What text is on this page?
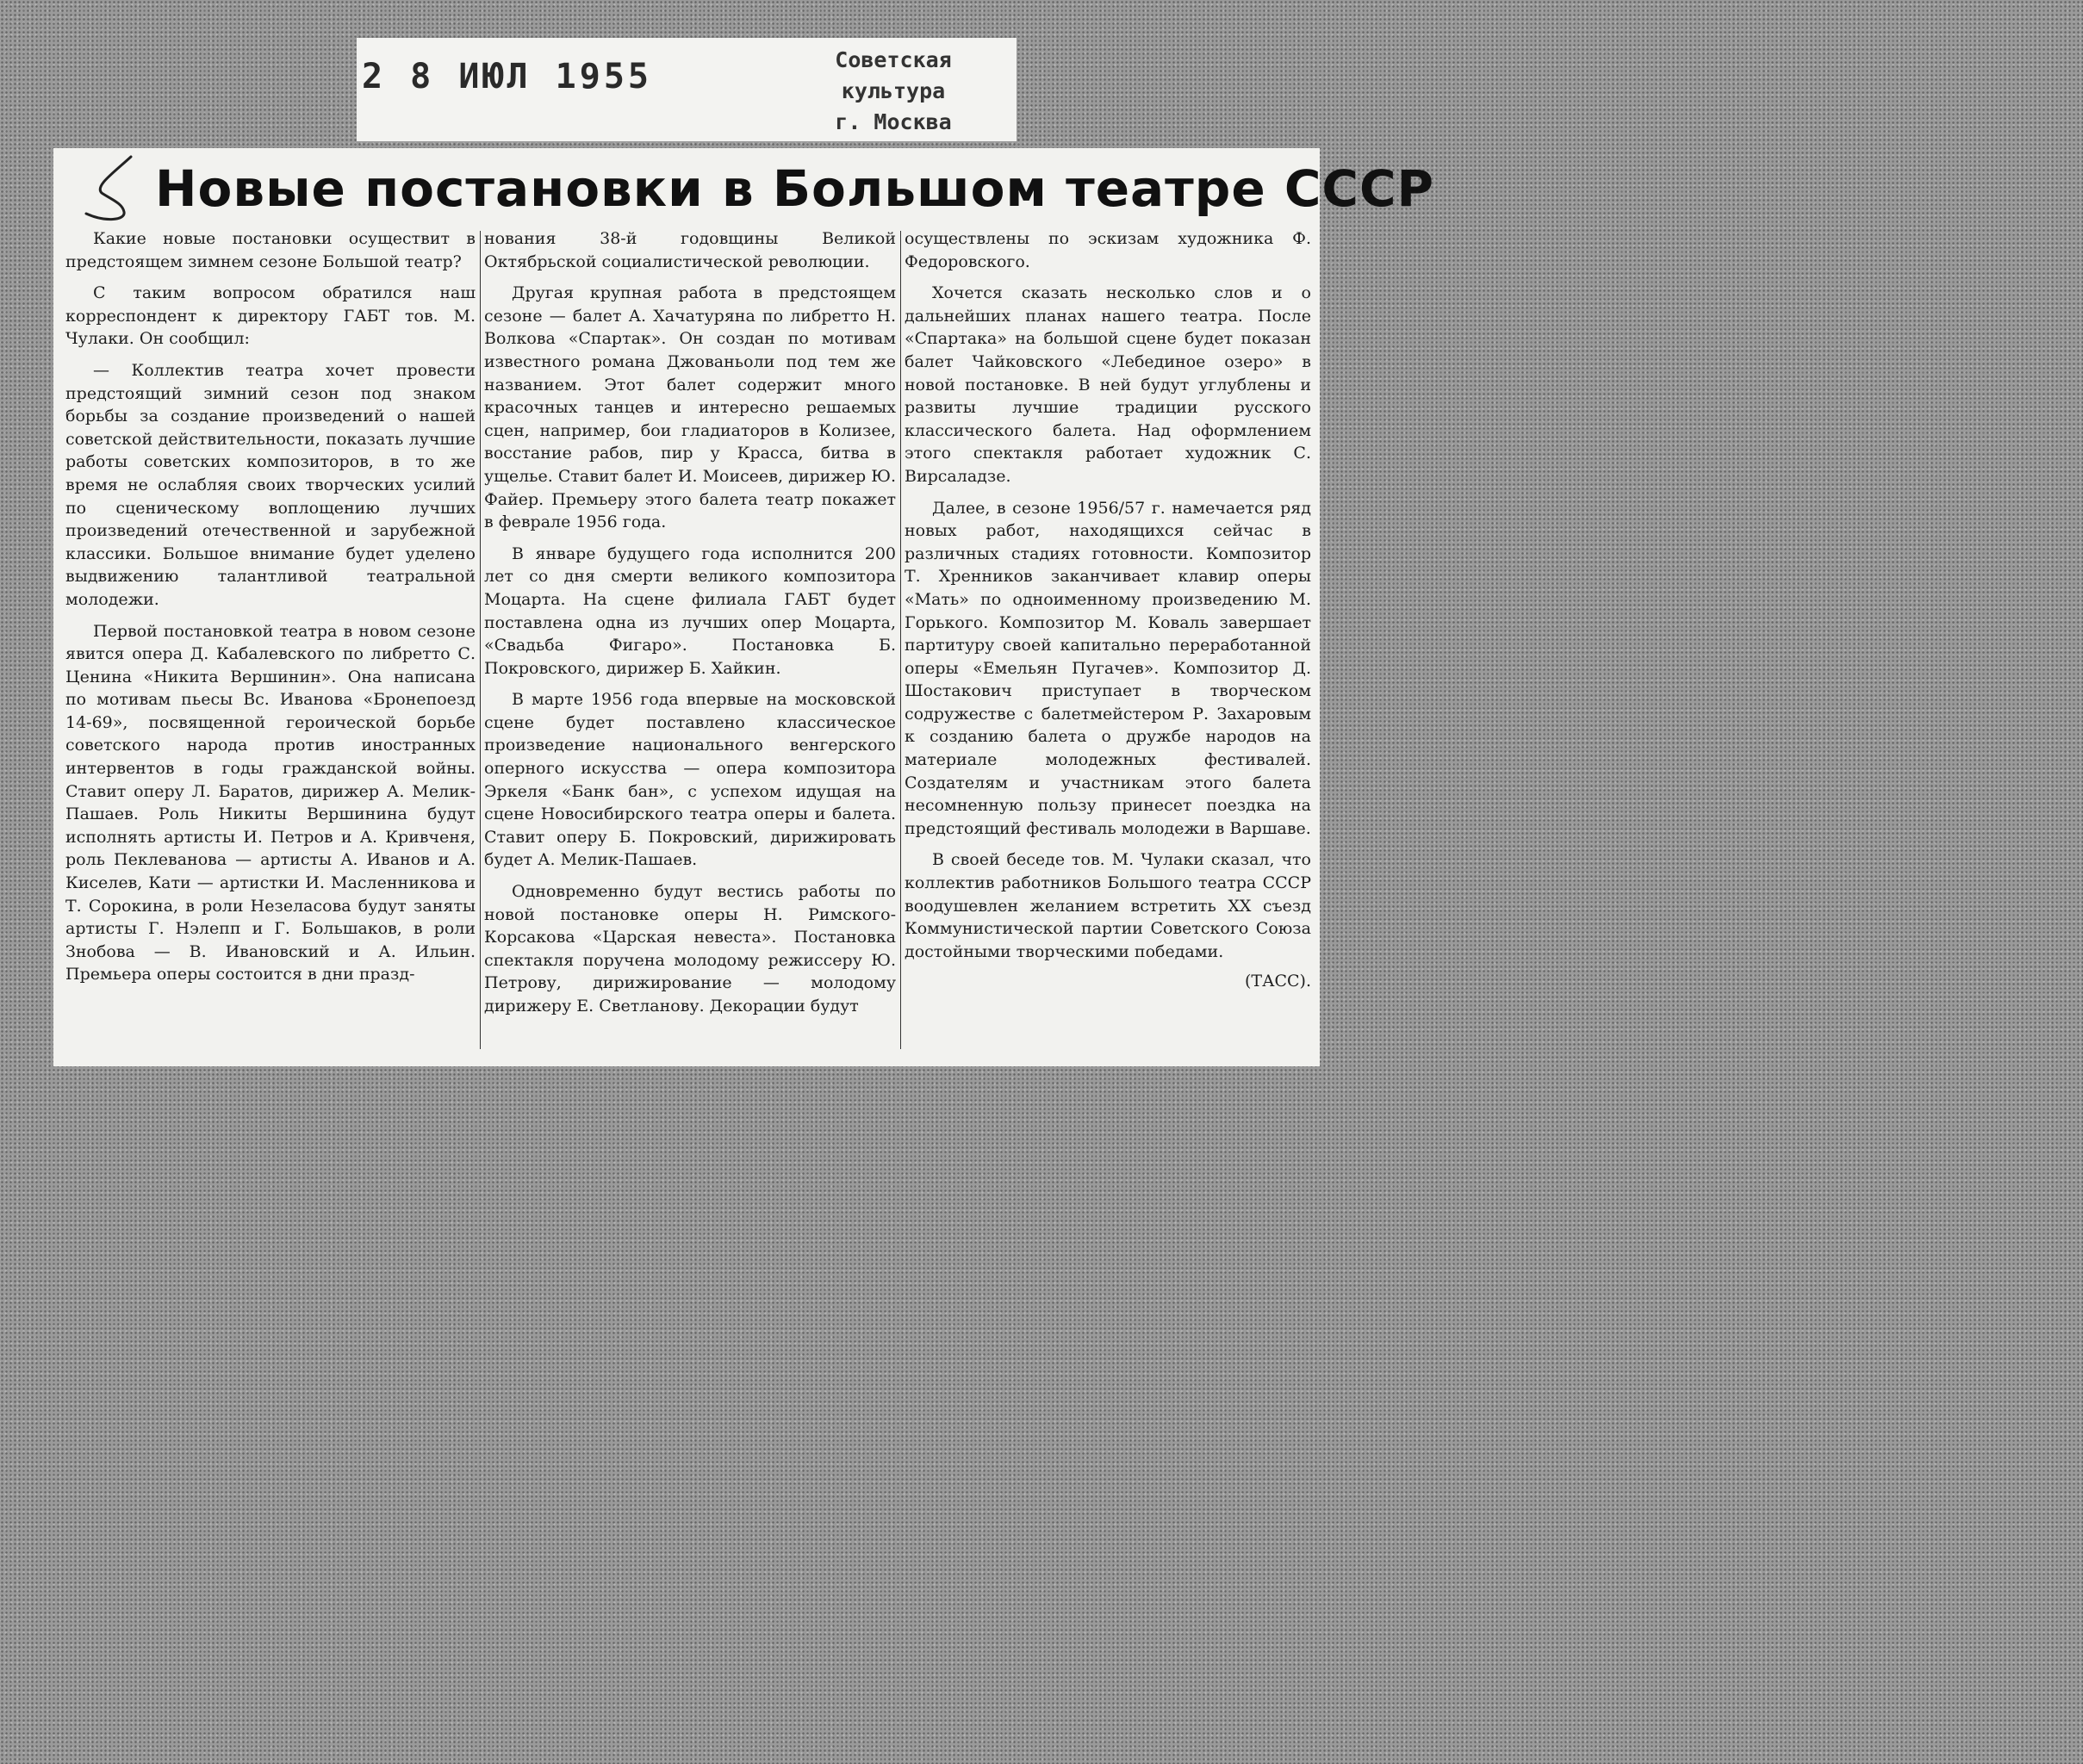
2 8 ИЮЛ 1955	Советская культура
г. Москва
Новые постановки в Большом театре СССР

Какие новые постановки осуществит в предстоящем зимнем сезоне Большой театр?

С таким вопросом обратился наш корреспондент к директору ГАБТ тов. М. Чулаки. Он сообщил:

— Коллектив театра хочет провести предстоящий зимний сезон под знаком борьбы за создание произведений о нашей советской действительности, показать лучшие работы советских композиторов, в то же время не ослабляя своих творческих усилий по сценическому воплощению лучших произведений отечественной и зарубежной классики. Большое внимание будет уделено выдвижению талантливой театральной молодежи.

Первой постановкой театра в новом сезоне явится опера Д. Кабалевского по либретто С. Ценина «Никита Вершинин». Она написана по мотивам пьесы Вс. Иванова «Бронепоезд 14-69», посвященной героической борьбе советского народа против иностранных интервентов в годы гражданской войны. Ставит оперу Л. Баратов, дирижер А. Мелик-Пашаев. Роль Никиты Вершинина будут исполнять артисты И. Петров и А. Кривченя, роль Пеклеванова — артисты А. Иванов и А. Киселев, Кати — артистки И. Масленникова и Т. Сорокина, в роли Незеласова будут заняты артисты Г. Нэлепп и Г. Большаков, в роли Знобова — В. Ивановский и А. Ильин. Премьера оперы состоится в дни празд-

нования 38-й годовщины Великой Октябрьской социалистической революции.

Другая крупная работа в предстоящем сезоне — балет А. Хачатуряна по либретто Н. Волкова «Спартак». Он создан по мотивам известного романа Джованьоли под тем же названием. Этот балет содержит много красочных танцев и интересно решаемых сцен, например, бои гладиаторов в Колизее, восстание рабов, пир у Красса, битва в ущелье. Ставит балет И. Моисеев, дирижер Ю. Файер. Премьеру этого балета театр покажет в феврале 1956 года.

В январе будущего года исполнится 200 лет со дня смерти великого композитора Моцарта. На сцене филиала ГАБТ будет поставлена одна из лучших опер Моцарта, «Свадьба Фигаро». Постановка Б. Покровского, дирижер Б. Хайкин.

В марте 1956 года впервые на московской сцене будет поставлено классическое произведение национального венгерского оперного искусства — опера композитора Эркеля «Банк бан», с успехом идущая на сцене Новосибирского театра оперы и балета. Ставит оперу Б. Покровский, дирижировать будет А. Мелик-Пашаев.

Одновременно будут вестись работы по новой постановке оперы Н. Римского-Корсакова «Царская невеста». Постановка спектакля поручена молодому режиссеру Ю. Петрову, дирижирование — молодому дирижеру Е. Светланову. Декорации будут

осуществлены по эскизам художника Ф. Федоровского.

Хочется сказать несколько слов и о дальнейших планах нашего театра. После «Спартака» на большой сцене будет показан балет Чайковского «Лебединое озеро» в новой постановке. В ней будут углублены и развиты лучшие традиции русского классического балета. Над оформлением этого спектакля работает художник С. Вирсаладзе.

Далее, в сезоне 1956/57 г. намечается ряд новых работ, находящихся сейчас в различных стадиях готовности. Композитор Т. Хренников заканчивает клавир оперы «Мать» по одноименному произведению М. Горького. Композитор М. Коваль завершает партитуру своей капитально переработанной оперы «Емельян Пугачев». Композитор Д. Шостакович приступает в творческом содружестве с балетмейстером Р. Захаровым к созданию балета о дружбе народов на материале молодежных фестивалей. Создателям и участникам этого балета несомненную пользу принесет поездка на предстоящий фестиваль молодежи в Варшаве.

В своей беседе тов. М. Чулаки сказал, что коллектив работников Большого театра СССР воодушевлен желанием встретить XX съезд Коммунистической партии Советского Союза достойными творческими победами.

(ТАСС).
